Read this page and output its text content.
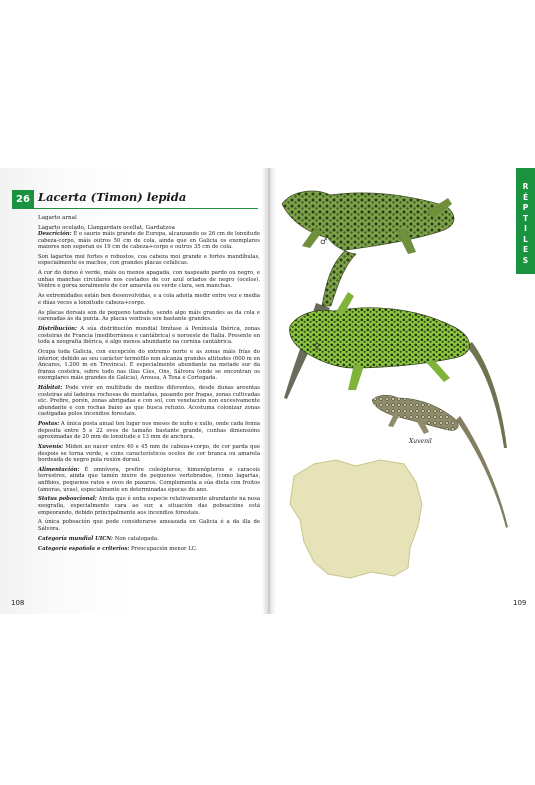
26 Lacerta (Timon) lepida
Lagarto arnal
Lagarto ocelado, Llangardaix ocellat, Gardatzoa

Descrición: É o saurio máis grande de Europa, alcanzando os 26 cm de lonxitude cabeza-corpo, máis outros 50 cm de cola, ainda que en Galicia os exemplares maiores non superan os 19 cm de cabeza+corpo e outros 35 cm de cola.

Son lagartos moi fortes e robustos, coa cabeza moi grande e fortes mandíbulas, especialmente os machos, con grandes placas cefálicas.

A cor do dorso é verde, máis ou menos apagada, con xaspeado pardo ou negro, e unhas manchas circulares nos costados de cor azul orlados de negro (ocelos). Ventre e gorxa xeralmente de cor amarela ou verde clara, sen manchas.

As extremidades están ben desenvolvidas, e a cola adoita medir entre vez e media e dúas veces a lonxitude cabeza+corpo.

As placas dorsais son de pequeno tamaño, sendo algo máis grandes as da cola e carenadas ás da punta. As placas ventrais son bastante grandes.

Distribución: A súa distribución mundial limítase á Península Ibérica, zonas costeiras de Francia (mediterránea e cantábrica) e noroeste de Italia. Presente en toda a xeografía ibérica, é algo menos abundante na cornixa cantábrica.

Ocupa toda Galicia, con excepción do extremo norte e as zonas máis frías do interior, debido ao seu carácter termófilo non alcanza grandes altitudes (600 m en Ancares, 1.200 m en Trevinca). É especialmente abundante na metade sur da franxa costeira, sobre todo nas illas Cíes, Ons, Sálvora (onde se encontran os exemplares máis grandes de Galicia), Arousa, A Toxa e Cortegada.

Hábitat: Pode vivir en multitude de medios diferentes, desde dunas areentas costeiras até ladeiras rochosas de montañas, pasando por fragas, zonas cultivadas etc. Prefire, porén, zonas abrigadas e con sol, con vexetación non excesivamente abundante e con rochas baixo as que busca refuxio. Acostuma colonizar zonas castigadas polos incendios forestais.

Postas: A única posta anual ten lugar nos meses de xuño e xullo, onde cada femia deposita entre 5 e 22 ovos de tamaño bastante grande, cunhas dimensións aproximadas de 20 mm de lonxitude e 13 mm de anchura.

Xuvenís: Miden ao nacer entre 40 e 45 mm de cabeza+corpo, de cor parda que despois se torna verde, e cuns característicos ocelos de cor branca ou amarela bordeada de negro pola rexión dorsal.

Alimentación: É omnívora, prefire coleópteros, himenópteros e caracois terrestres, ainda que tamén inxire de pequenos vertebrados, (como lagartas, anfibios, pequenos ratos e ovos de paxaros. Complementa a súa dieta con froitos (amoras, uvas), especialmente en determinadas épocas do ano.

Status poboacional: Ainda que é unha especie relativamente abundante na nosa xeografía, especialmente cara ao sur, a situación das poboacións está empeorando, debido principalmente aos incendios forestais.

A única poboación que pode considerarse ameazada en Galicia é a da illa de Sálvora.

Categoría mundial UICN: Non catalogada.

Categoría española e criterios: Preocupación menor LC.

108	109
R
É
P
T
I
L
E
S
♂
♀
Xuvenil
